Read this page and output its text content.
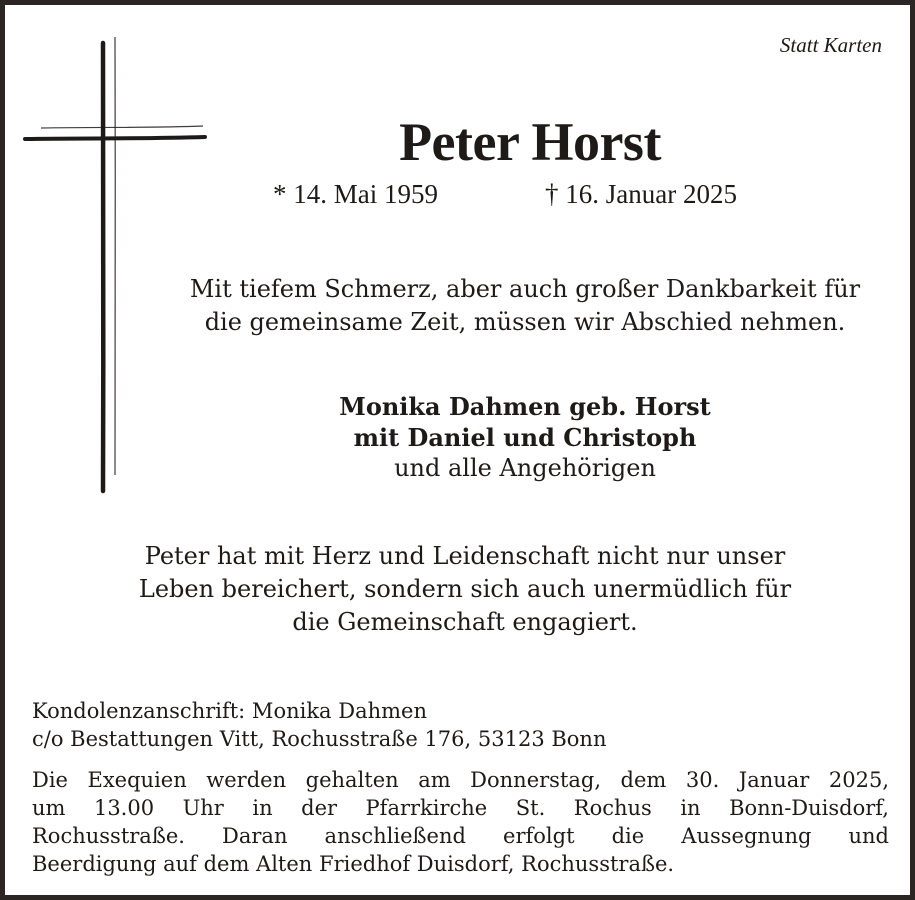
Statt Karten
Peter Horst
* 14. Mai 1959	† 16. Januar 2025
Mit tiefem Schmerz, aber auch großer Dankbarkeit für
die gemeinsame Zeit, müssen wir Abschied nehmen.
Monika Dahmen geb. Horst
mit Daniel und Christoph
und alle Angehörigen
Peter hat mit Herz und Leidenschaft nicht nur unser
Leben bereichert, sondern sich auch unermüdlich für
die Gemeinschaft engagiert.
Kondolenzanschrift: Monika Dahmen
c/o Bestattungen Vitt, Rochusstraße 176, 53123 Bonn
Die Exequien werden gehalten am Donnerstag, dem 30. Januar 2025,
um 13.00 Uhr in der Pfarrkirche St. Rochus in Bonn-Duisdorf,
Rochusstraße. Daran anschließend erfolgt die Aussegnung und
Beerdigung auf dem Alten Friedhof Duisdorf, Rochusstraße.
